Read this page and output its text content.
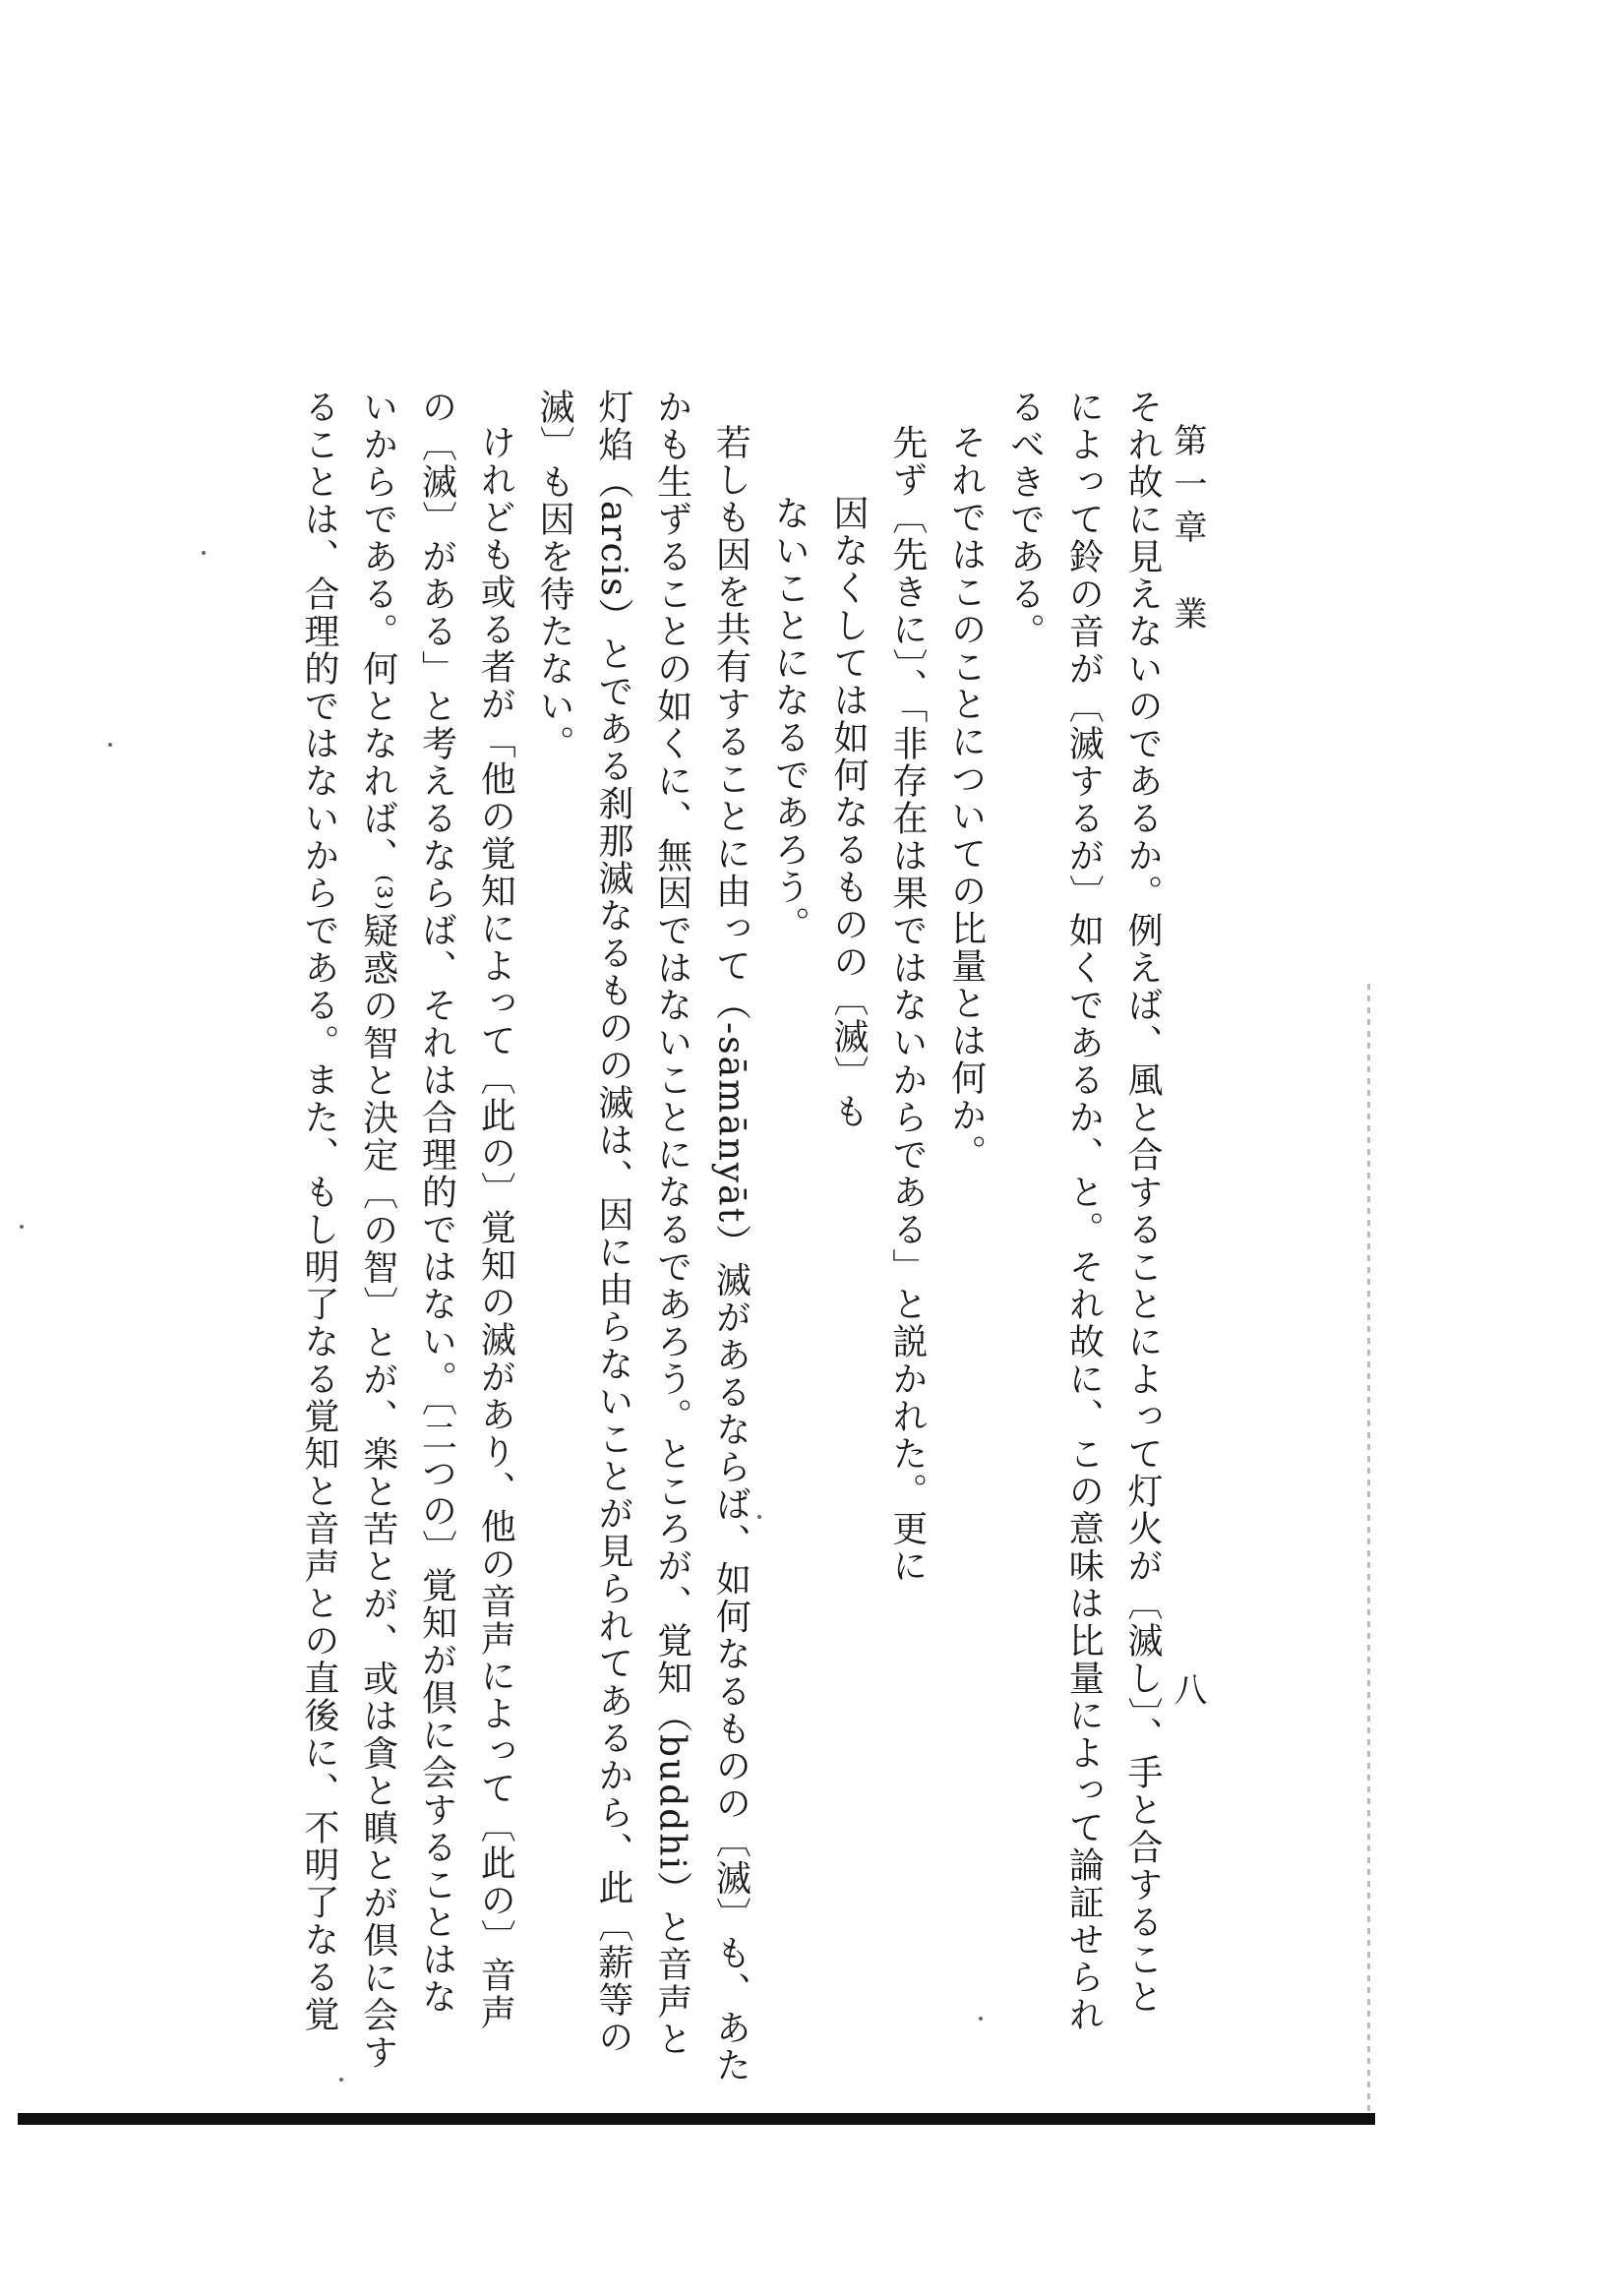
第一章　業
八
それ故に見えないのであるか。例えば、風と合することによって灯火が〔滅し〕、手と合すること
によって鈴の音が〔滅するが〕如くであるか、と。それ故に、この意味は比量によって論証せられ
るべきである。
それではこのことについての比量とは何か。
先ず〔先きに〕、「非存在は果ではないからである」と説かれた。更に
因なくしては如何なるものの〔滅〕も
ないことになるであろう。
若しも因を共有することに由って（-sāmānyāt）滅があるならば、如何なるものの〔滅〕も、あた
かも生ずることの如くに、無因ではないことになるであろう。ところが、覚知（buddhi）と音声と
灯焰（arcis）とである刹那滅なるものの滅は、因に由らないことが見られてあるから、此〔薪等の
滅〕も因を待たない。
けれども或る者が「他の覚知によって〔此の〕覚知の滅があり、他の音声によって〔此の〕音声
の〔滅〕がある」と考えるならば、それは合理的ではない。〔二つの〕覚知が倶に会することはな
いからである。何となれば、⁽³⁾疑惑の智と決定〔の智〕とが、楽と苦とが、或は貪と瞋とが倶に会す
ることは、合理的ではないからである。また、もし明了なる覚知と音声との直後に、不明了なる覚
